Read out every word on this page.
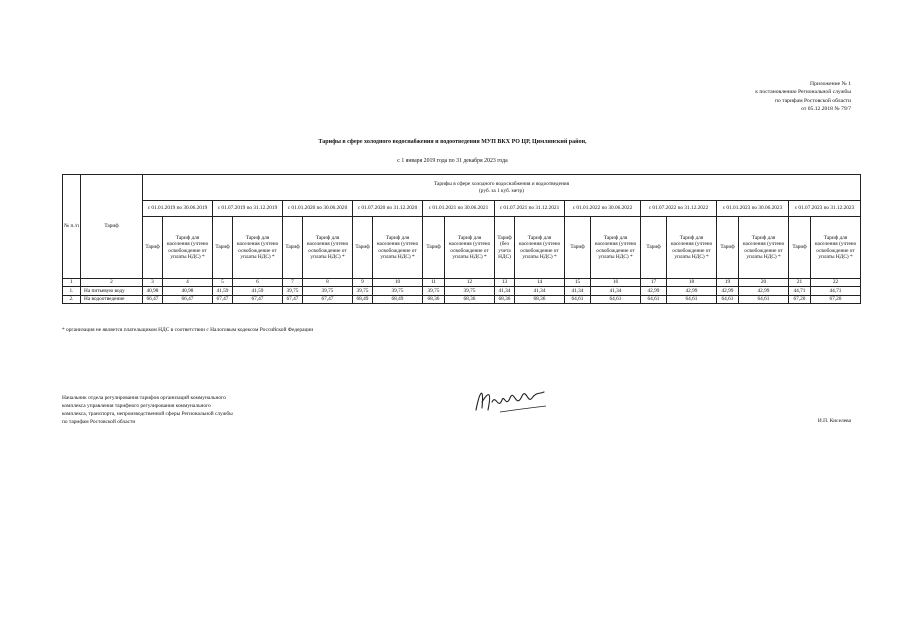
Приложение № 1
к постановлению Региональной службы
по тарифам Ростовской области
от 05.12.2018 № 79/7
Тарифы в сфере холодного водоснабжения и водоотведения МУП ВКХ РО ЦР, Цимлянский район,
с 1 января 2019 года по 31 декабря 2023 года
№ п./п	Тариф	Тарифы в сфере холодного водоснабжения и водоотведения
(руб. за 1 куб. метр)																			

		с 01.01.2019 по 30.06.2019		с 01.07.2019 по 31.12.2019		с 01.01.2020 по 30.06.2020		с 01.07.2020 по 31.12.2020		с 01.01.2021 по 30.06.2021		с 01.07.2021 по 31.12.2021		с 01.01.2022 по 30.06.2022		с 01.07.2022 по 31.12.2022		с 01.01.2023 по 30.06.2023		с 01.07.2023 по 31.12.2023	
		Тариф	Тариф для населения (учтено освобождение от уплаты НДС) *	Тариф	Тариф для населения (учтено освобождение от уплаты НДС) *	Тариф	Тариф для населения (учтено освобождение от уплаты НДС) *	Тариф	Тариф для населения (учтено освобождение от уплаты НДС) *	Тариф	Тариф для населения (учтено освобождение от уплаты НДС) *	Тариф (без учета НДС)	Тариф для населения (учтено освобождение от уплаты НДС) *	Тариф	Тариф для населения (учтено освобождение от уплаты НДС) *	Тариф	Тариф для населения (учтено освобождение от уплаты НДС) *	Тариф	Тариф для населения (учтено освобождение от уплаты НДС) *	Тариф	Тариф для населения (учтено освобождение от уплаты НДС) *
1	2	3	4	5	6	7	8	9	10	11	12	13	14	15	16	17	18	19	20	21	22
1.	На питьевую воду	40,98	40,98	41,59	41,59	39,75	39,75	39,75	39,75	39,75	39,75	41,34	41,34	41,34	41,34	42,99	42,99	42,99	42,99	44,71	44,71
2.	На водоотведение	66,47	66,47	67,47	67,47	67,47	67,47	68,49	68,49	68,36	68,36	68,36	68,36	64,61	64,61	64,61	64,61	64,61	64,61	67,20	67,20
* организация не является плательщиком НДС в соответствии с Налоговым кодексом Российской Федерации
Начальник отдела регулирования тарифов организаций коммунального
комплекса управления тарифного регулирования коммунального
комплекса, транспорта, непроизводственной сферы Региональной службы
по тарифам Ростовской области	И.П. Киселева
